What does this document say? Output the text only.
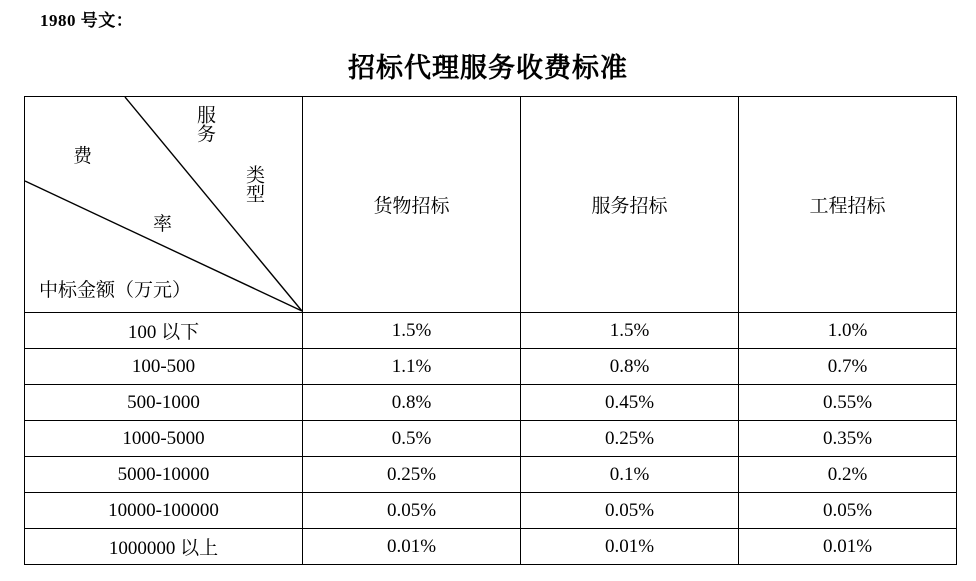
1980 号文：
招标代理服务收费标准
费
率
服务
类型
中标金额（万元）	货物招标	服务招标	工程招标
100 以下	1.5%	1.5%	1.0%
100-500	1.1%	0.8%	0.7%
500-1000	0.8%	0.45%	0.55%
1000-5000	0.5%	0.25%	0.35%
5000-10000	0.25%	0.1%	0.2%
10000-100000	0.05%	0.05%	0.05%
1000000 以上	0.01%	0.01%	0.01%
